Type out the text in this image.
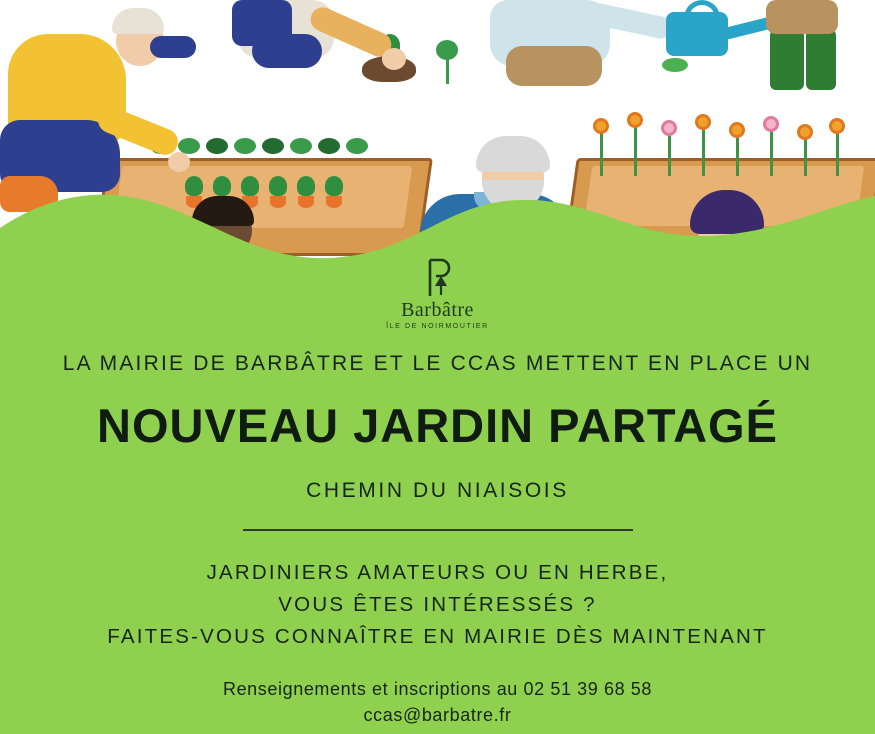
Barbâtre
ÎLE DE NOIRMOUTIER
LA MAIRIE DE BARBÂTRE ET LE CCAS METTENT EN PLACE UN
NOUVEAU JARDIN PARTAGÉ
CHEMIN DU NIAISOIS
JARDINIERS AMATEURS OU EN HERBE,
VOUS ÊTES INTÉRESSÉS ?
FAITES-VOUS CONNAÎTRE EN MAIRIE DÈS MAINTENANT
Renseignements et inscriptions au 02 51 39 68 58
ccas@barbatre.fr
